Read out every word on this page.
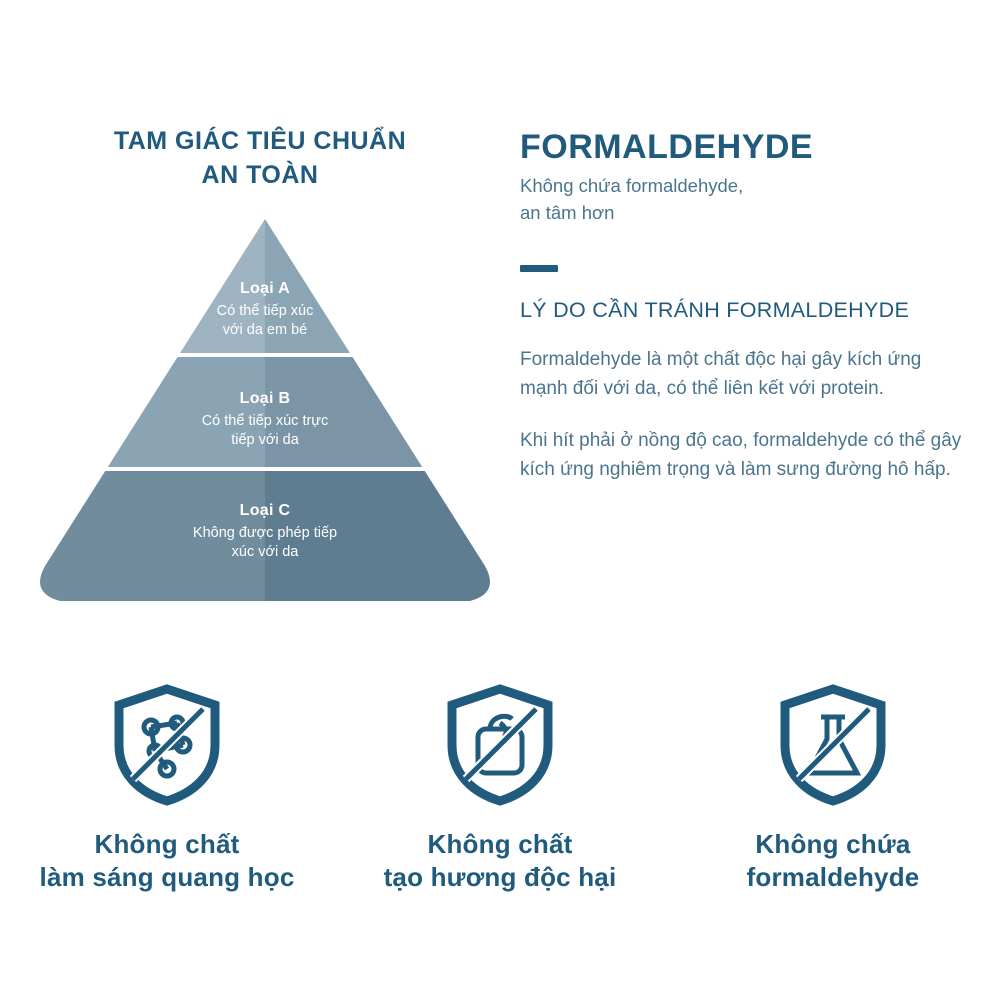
TAM GIÁC TIÊU CHUẨN
AN TOÀN
Loại A
Có thể tiếp xúc
với da em bé
Loại B
Có thể tiếp xúc trực
tiếp với da
Loại C
Không được phép tiếp
xúc với da
FORMALDEHYDE

Không chứa formaldehyde,
an tâm hơn

LÝ DO CẦN TRÁNH FORMALDEHYDE

Formaldehyde là một chất độc hại gây kích ứng mạnh đối với da, có thể liên kết với protein.

Khi hít phải ở nồng độ cao, formaldehyde có thể gây kích ứng nghiêm trọng và làm sưng đường hô hấp.

Không chất
làm sáng quang học
Không chất
tạo hương độc hại
Không chứa
formaldehyde
